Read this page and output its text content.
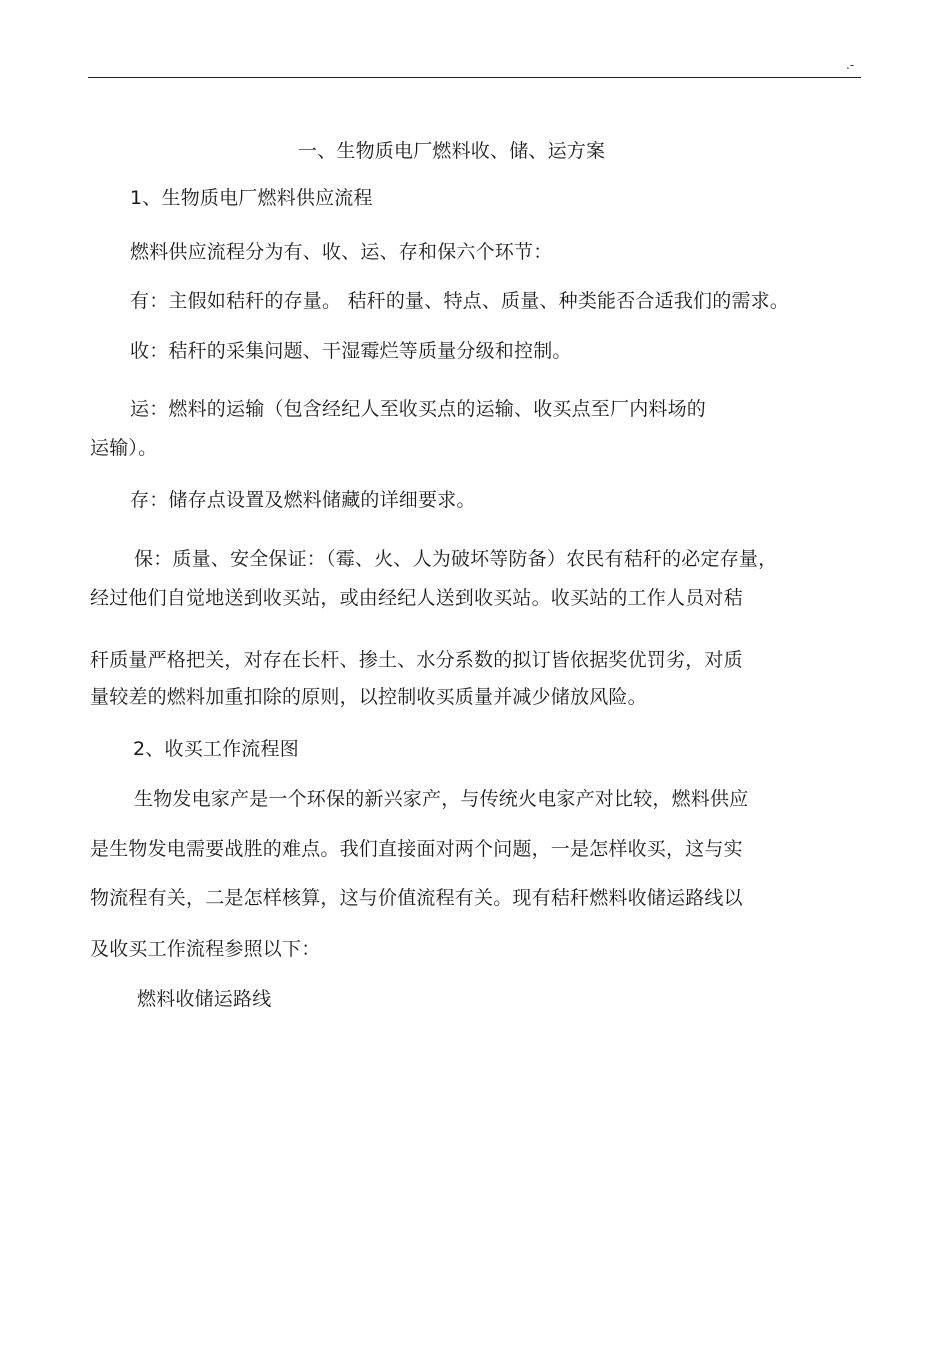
.-
一、生物质电厂燃料收、储、运方案
1、生物质电厂燃料供应流程
燃料供应流程分为有、收、运、存和保六个环节：
有：主假如秸秆的存量。 秸秆的量、特点、质量、种类能否合适我们的需求。
收：秸秆的采集问题、干湿霉烂等质量分级和控制。
运：燃料的运输（包含经纪人至收买点的运输、收买点至厂内料场的
运输）。
存：储存点设置及燃料储藏的详细要求。
保：质量、安全保证：（霉、火、人为破坏等防备）农民有秸秆的必定存量，
经过他们自觉地送到收买站，或由经纪人送到收买站。收买站的工作人员对秸
秆质量严格把关，对存在长杆、掺土、水分系数的拟订皆依据奖优罚劣，对质
量较差的燃料加重扣除的原则，以控制收买质量并减少储放风险。
2、收买工作流程图
生物发电家产是一个环保的新兴家产，与传统火电家产对比较，燃料供应
是生物发电需要战胜的难点。我们直接面对两个问题，一是怎样收买，这与实
物流程有关，二是怎样核算，这与价值流程有关。现有秸秆燃料收储运路线以
及收买工作流程参照以下：
燃料收储运路线
